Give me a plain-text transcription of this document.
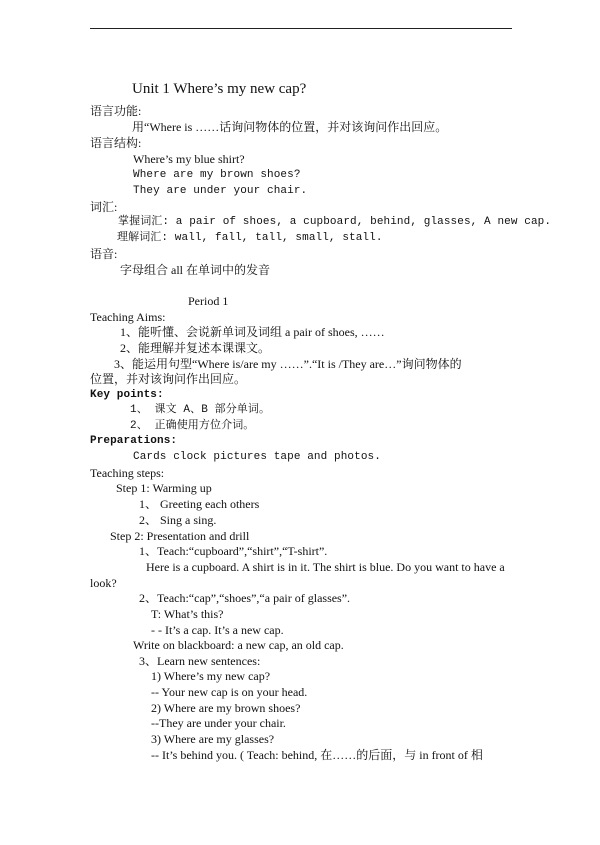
Unit 1 Where’s my new cap?
语言功能:
用“Where is ……话询问物体的位置，并对该询问作出回应。
语言结构:
Where’s my blue shirt?
Where are my brown shoes?
They are under your chair.
词汇:
掌握词汇: a pair of shoes, a cupboard, behind, glasses, A new cap.
理解词汇: wall, fall, tall, small, stall.
语音:
字母组合 all 在单词中的发音
Period 1
Teaching Aims:
1、能听懂、会说新单词及词组 a pair of shoes, ……
2、能理解并复述本课课文。
3、能运用句型“Where is/are my ……”.“It is /They are…”询问物体的
位置，并对该询问作出回应。
Key points:
1、 课文 A、B 部分单词。
2、 正确使用方位介词。
Preparations:
Cards clock pictures tape and photos.
Teaching steps:
Step 1: Warming up
1、 Greeting each others
2、 Sing a sing.
Step 2: Presentation and drill
1、Teach:“cupboard”,“shirt”,“T-shirt”.
Here is a cupboard. A shirt is in it. The shirt is blue. Do you want to have a
look?
2、Teach:“cap”,“shoes”,“a pair of glasses”.
T: What’s this?
- - It’s a cap. It’s a new cap.
Write on blackboard: a new cap, an old cap.
3、Learn new sentences:
1) Where’s my new cap?
-- Your new cap is on your head.
2) Where are my brown shoes?
--They are under your chair.
3) Where are my glasses?
-- It’s behind you. ( Teach: behind, 在……的后面，与 in front of 相
